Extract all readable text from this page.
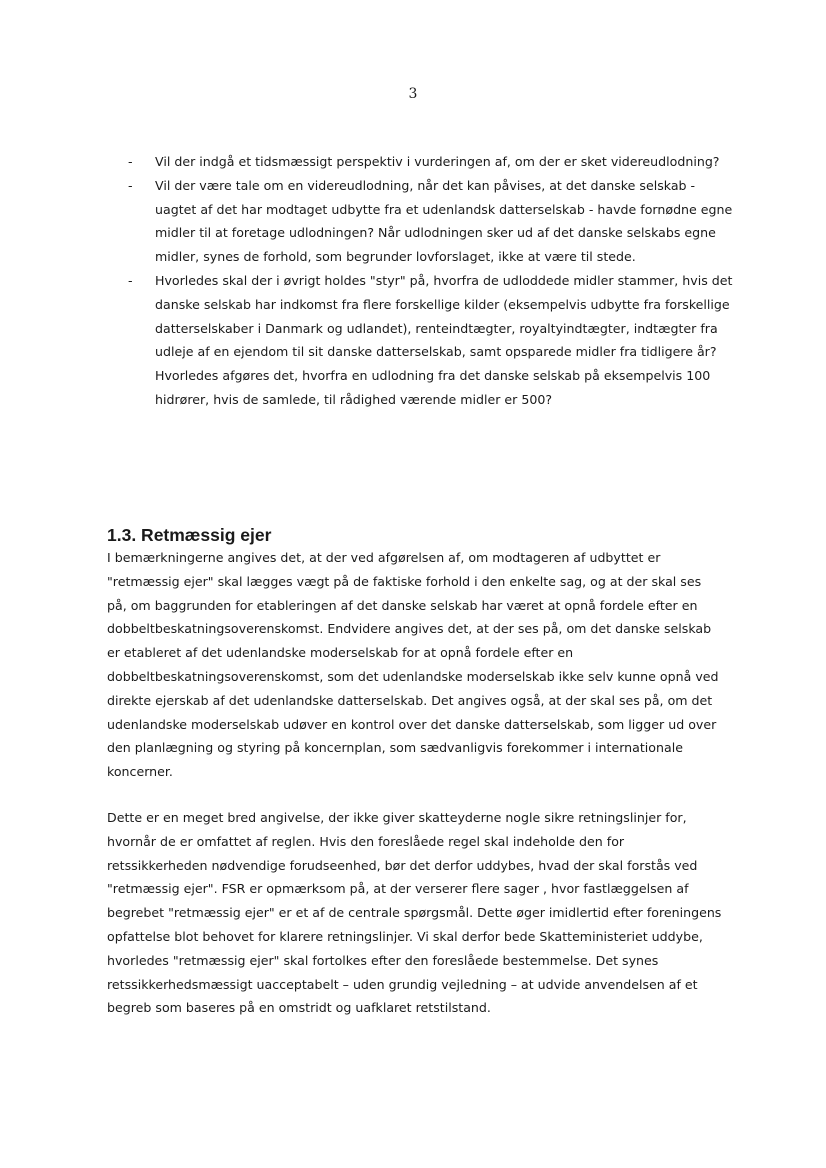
3
- Vil der indgå et tidsmæssigt perspektiv i vurderingen af, om der er sket videreudlodning?
- Vil der være tale om en videreudlodning, når det kan påvises, at det danske selskab - uagtet af det har modtaget udbytte fra et udenlandsk datterselskab - havde fornødne egne midler til at foretage udlodningen? Når udlodningen sker ud af det danske selskabs egne midler, synes de forhold, som begrunder lovforslaget, ikke at være til stede.
- Hvorledes skal der i øvrigt holdes "styr" på, hvorfra de udloddede midler stammer, hvis det danske selskab har indkomst fra flere forskellige kilder (eksempelvis udbytte fra forskellige datterselskaber i Danmark og udlandet), renteindtægter, royaltyindtægter, indtægter fra udleje af en ejendom til sit danske datterselskab, samt opsparede midler fra tidligere år? Hvorledes afgøres det, hvorfra en udlodning fra det danske selskab på eksempelvis 100 hidrører, hvis de samlede, til rådighed værende midler er 500?
1.3. Retmæssig ejer

I bemærkningerne angives det, at der ved afgørelsen af, om modtageren af udbyttet er "retmæssig ejer" skal lægges vægt på de faktiske forhold i den enkelte sag, og at der skal ses på, om baggrunden for etableringen af det danske selskab har været at opnå fordele efter en dobbeltbeskatningsoverenskomst. Endvidere angives det, at der ses på, om det danske selskab er etableret af det udenlandske moderselskab for at opnå fordele efter en dobbeltbeskatningsoverenskomst, som det udenlandske moderselskab ikke selv kunne opnå ved direkte ejerskab af det udenlandske datterselskab. Det angives også, at der skal ses på, om det udenlandske moderselskab udøver en kontrol over det danske datterselskab, som ligger ud over den planlægning og styring på koncernplan, som sædvanligvis forekommer i internationale koncerner.

Dette er en meget bred angivelse, der ikke giver skatteyderne nogle sikre retningslinjer for, hvornår de er omfattet af reglen. Hvis den foreslåede regel skal indeholde den for retssikkerheden nødvendige forudseenhed, bør det derfor uddybes, hvad der skal forstås ved "retmæssig ejer". FSR er opmærksom på, at der verserer flere sager , hvor fastlæggelsen af begrebet "retmæssig ejer" er et af de centrale spørgsmål. Dette øger imidlertid efter foreningens opfattelse blot behovet for klarere retningslinjer. Vi skal derfor bede Skatteministeriet uddybe, hvorledes "retmæssig ejer" skal fortolkes efter den foreslåede bestemmelse. Det synes retssikkerhedsmæssigt uacceptabelt – uden grundig vejledning – at udvide anvendelsen af et begreb som baseres på en omstridt og uafklaret retstilstand.
